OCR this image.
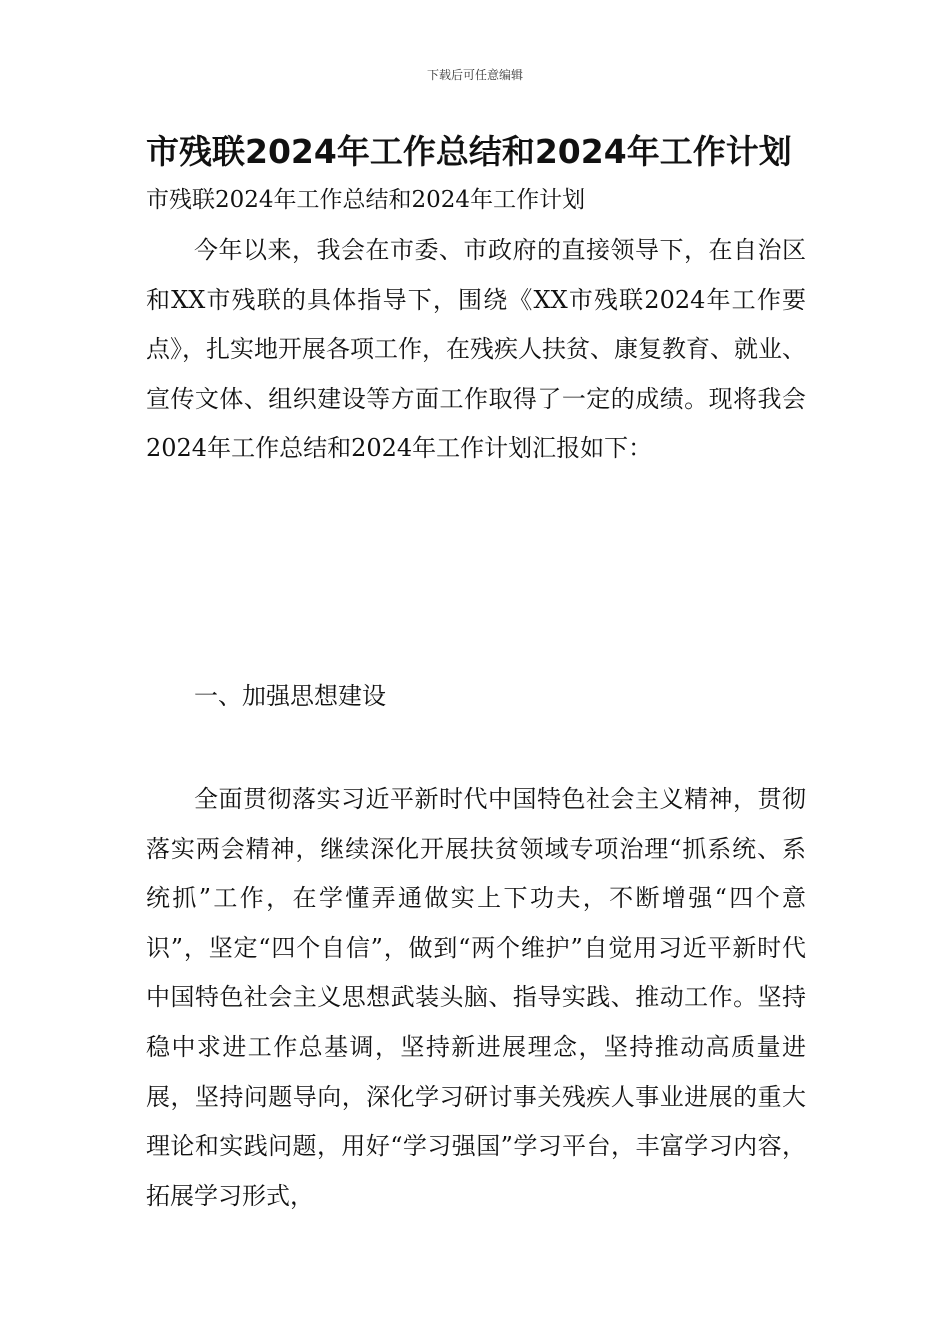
下载后可任意编辑
市残联2024年工作总结和2024年工作计划

市残联2024年工作总结和2024年工作计划

今年以来，我会在市委、市政府的直接领导下，在自治区和XX市残联的具体指导下，围绕《XX市残联2024年工作要点》，扎实地开展各项工作，在残疾人扶贫、康复教育、就业、宣传文体、组织建设等方面工作取得了一定的成绩。现将我会2024年工作总结和2024年工作计划汇报如下：

一、加强思想建设

全面贯彻落实习近平新时代中国特色社会主义精神，贯彻落实两会精神，继续深化开展扶贫领域专项治理“抓系统、系统抓”工作，在学懂弄通做实上下功夫，不断增强“四个意识”，坚定“四个自信”，做到“两个维护”自觉用习近平新时代中国特色社会主义思想武装头脑、指导实践、推动工作。坚持稳中求进工作总基调，坚持新进展理念，坚持推动高质量进展，坚持问题导向，深化学习研讨事关残疾人事业进展的重大理论和实践问题，用好“学习强国”学习平台，丰富学习内容，拓展学习形式，
